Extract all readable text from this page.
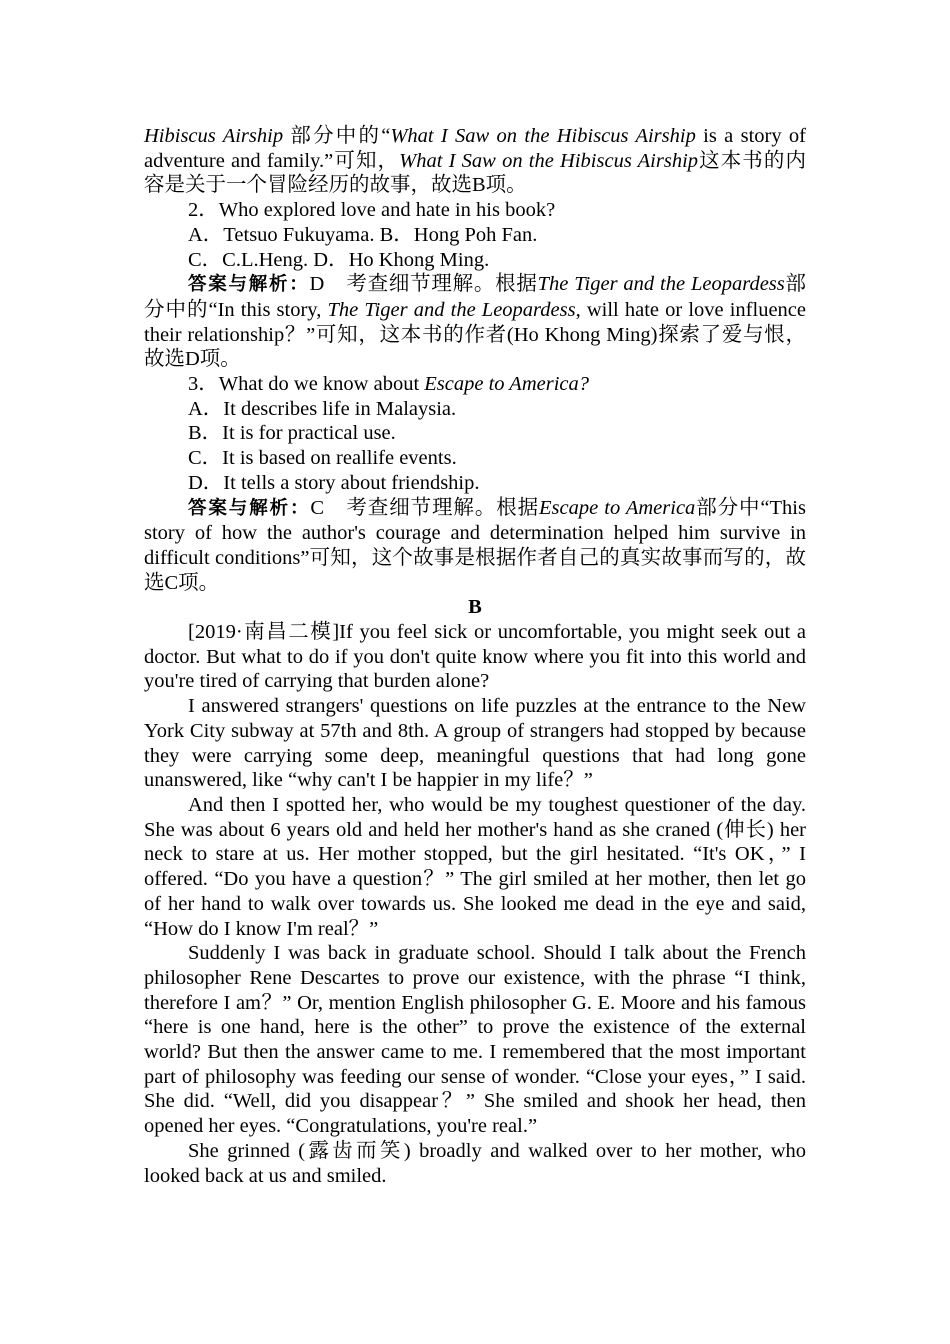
Hibiscus Airship 部分中的“What I Saw on the Hibiscus Airship is a story of adventure and family.”可知，What I Saw on the Hibiscus Airship这本书的内容是关于一个冒险经历的故事，故选B项。

2．Who explored love and hate in his book?

A．Tetsuo Fukuyama. B．Hong Poh Fan.

C．C.L.Heng. D．Ho Khong Ming.

答案与解析：D　考查细节理解。根据The Tiger and the Leopardess部分中的“In this story, The Tiger and the Leopardess, will hate or love influence their relationship？”可知，这本书的作者(Ho Khong Ming)探索了爱与恨，故选D项。

3．What do we know about Escape to America?

A．It describes life in Malaysia.

B．It is for practical use.

C．It is based on reallife events.

D．It tells a story about friendship.

答案与解析：C　考查细节理解。根据Escape to America部分中“This story of how the author's courage and determination helped him survive in difficult conditions”可知，这个故事是根据作者自己的真实故事而写的，故选C项。

B

[2019·南昌二模]If you feel sick or uncomfortable, you might seek out a doctor. But what to do if you don't quite know where you fit into this world and you're tired of carrying that burden alone?

I answered strangers' questions on life puzzles at the entrance to the New York City subway at 57th and 8th. A group of strangers had stopped by because they were carrying some deep, meaningful questions that had long gone unanswered, like “why can't I be happier in my life？”

And then I spotted her, who would be my toughest questioner of the day. She was about 6 years old and held her mother's hand as she craned (伸长) her neck to stare at us. Her mother stopped, but the girl hesitated. “It's OK，” I offered. “Do you have a question？” The girl smiled at her mother, then let go of her hand to walk over towards us. She looked me dead in the eye and said, “How do I know I'm real？”

Suddenly I was back in graduate school. Should I talk about the French philosopher Rene Descartes to prove our existence, with the phrase “I think, therefore I am？” Or, mention English philosopher G. E. Moore and his famous “here is one hand, here is the other” to prove the existence of the external world? But then the answer came to me. I remembered that the most important part of philosophy was feeding our sense of wonder. “Close your eyes，” I said. She did. “Well, did you disappear？” She smiled and shook her head, then opened her eyes. “Congratulations, you're real.”

She grinned (露齿而笑) broadly and walked over to her mother, who looked back at us and smiled.
